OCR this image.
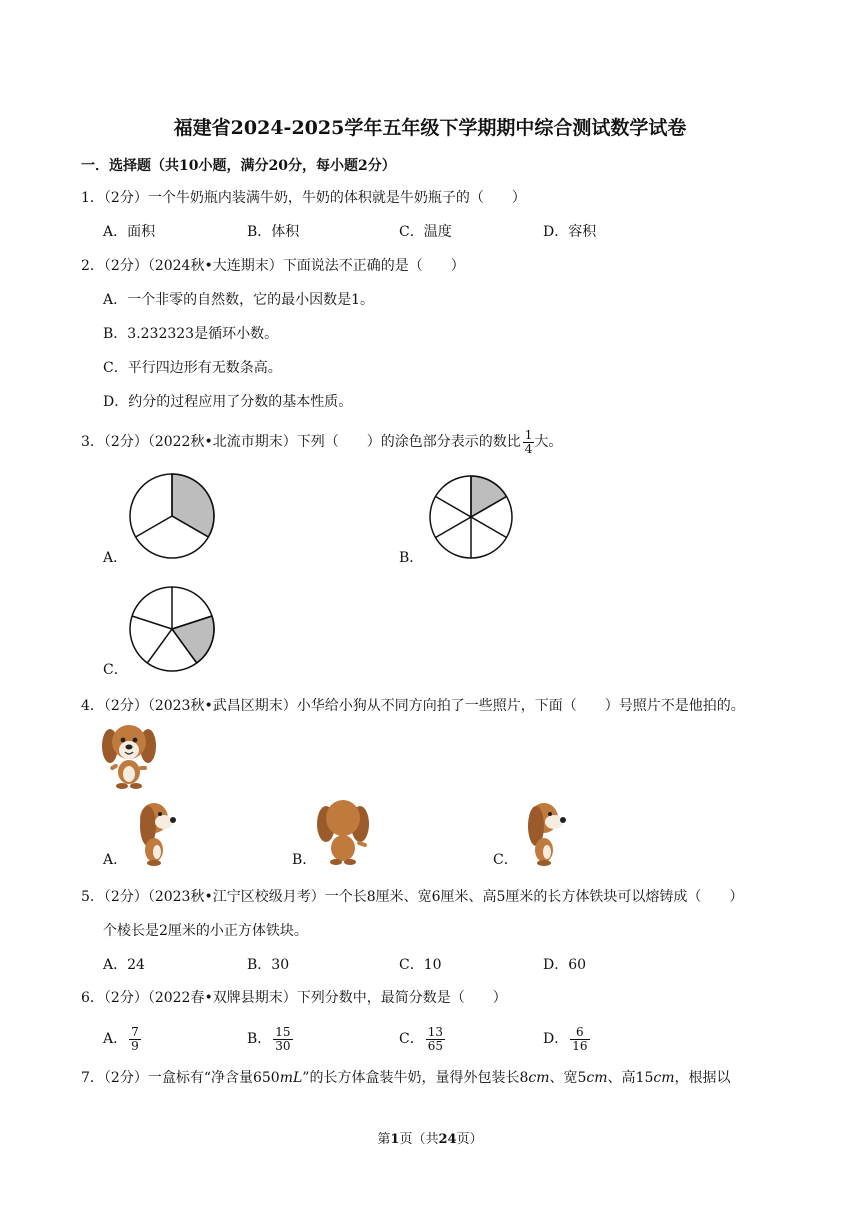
福建省2024-2025学年五年级下学期期中综合测试数学试卷
一．选择题（共10小题，满分20分，每小题2分）
1．（2分）一个牛奶瓶内装满牛奶，牛奶的体积就是牛奶瓶子的（　　）
A．面积	B．体积	C．温度	D．容积
2．（2分）（2024秋•大连期末）下面说法不正确的是（　　）
A．一个非零的自然数，它的最小因数是1。
B．3.232323是循环小数。
C．平行四边形有无数条高。
D．约分的过程应用了分数的基本性质。
3．（2分）（2022秋•北流市期末）下列（　　）的涂色部分表示的数比 $\frac{1}{4}$ 大。
A．	B．
C．
4．（2分）（2023秋•武昌区期末）小华给小狗从不同方向拍了一些照片，下面（　　）号照片不是他拍的。
A．	B．	C．
5．（2分）（2023秋•江宁区校级月考）一个长8厘米、宽6厘米、高5厘米的长方体铁块可以熔铸成（　　）
个棱长是2厘米的小正方体铁块。
A．24	B．30	C．10	D．60
6．（2分）（2022春•双牌县期末）下列分数中，最简分数是（　　）
A． $\frac{7}{9}$	B． $\frac{15}{30}$	C． $\frac{13}{65}$	D． $\frac{6}{16}$
7．（2分）一盒标有“净含量650mL”的长方体盒装牛奶，量得外包装长8cm、宽5cm、高15cm，根据以
第1页（共24页）
